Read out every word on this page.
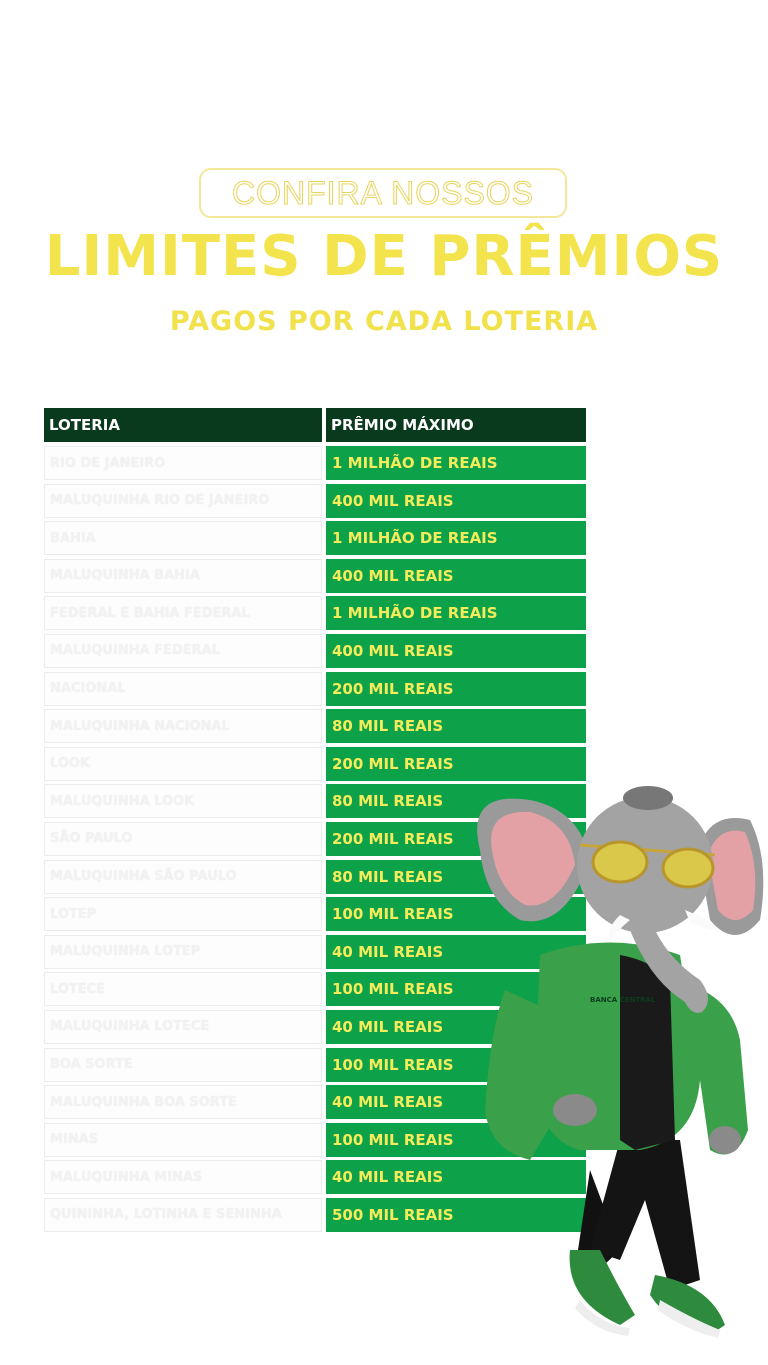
CONFIRA NOSSOS
LIMITES DE PRÊMIOS
PAGOS POR CADA LOTERIA
LOTERIA	PRÊMIO MÁXIMO
RIO DE JANEIRO	1 MILHÃO DE REAIS
MALUQUINHA RIO DE JANEIRO	400 MIL REAIS
BAHIA	1 MILHÃO DE REAIS
MALUQUINHA BAHIA	400 MIL REAIS
FEDERAL E BAHIA FEDERAL	1 MILHÃO DE REAIS
MALUQUINHA FEDERAL	400 MIL REAIS
NACIONAL	200 MIL REAIS
MALUQUINHA NACIONAL	80 MIL REAIS
LOOK	200 MIL REAIS
MALUQUINHA LOOK	80 MIL REAIS
SÃO PAULO	200 MIL REAIS
MALUQUINHA SÃO PAULO	80 MIL REAIS
LOTEP	100 MIL REAIS
MALUQUINHA LOTEP	40 MIL REAIS
LOTECE	100 MIL REAIS
MALUQUINHA LOTECE	40 MIL REAIS
BOA SORTE	100 MIL REAIS
MALUQUINHA BOA SORTE	40 MIL REAIS
MINAS	100 MIL REAIS
MALUQUINHA MINAS	40 MIL REAIS
QUININHA, LOTINHA E SENINHA	500 MIL REAIS
BANCA CENTRAL
